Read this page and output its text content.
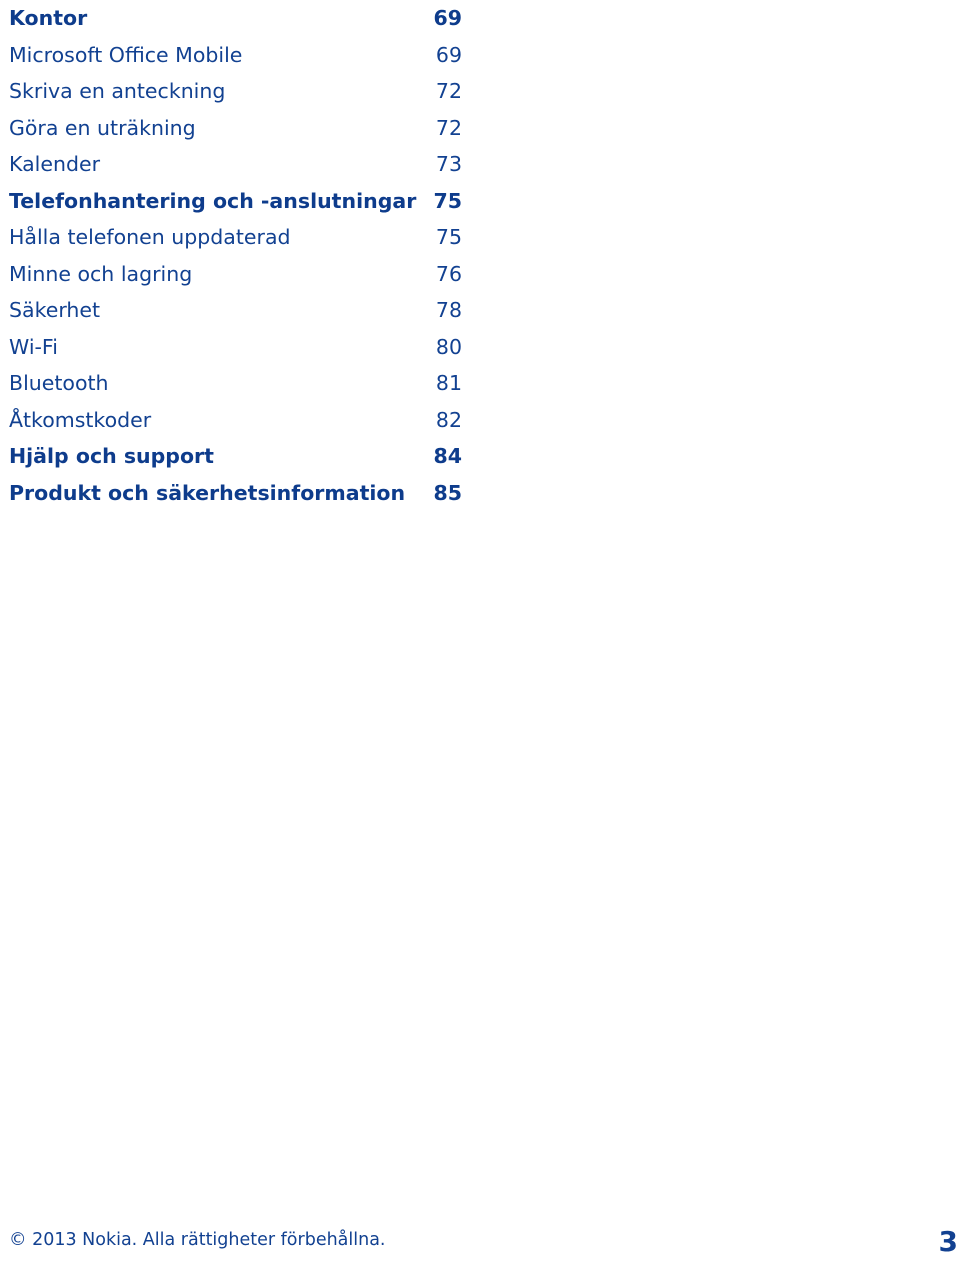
Kontor	69
Microsoft Office Mobile	69
Skriva en anteckning	72
Göra en uträkning	72
Kalender	73
Telefonhantering och -anslutningar 75
Hålla telefonen uppdaterad	75
Minne och lagring	76
Säkerhet	78
Wi-Fi	80
Bluetooth	81
Åtkomstkoder	82
Hjälp och support	84
Produkt och säkerhetsinformation 85
© 2013 Nokia. Alla rättigheter förbehållna.	3
